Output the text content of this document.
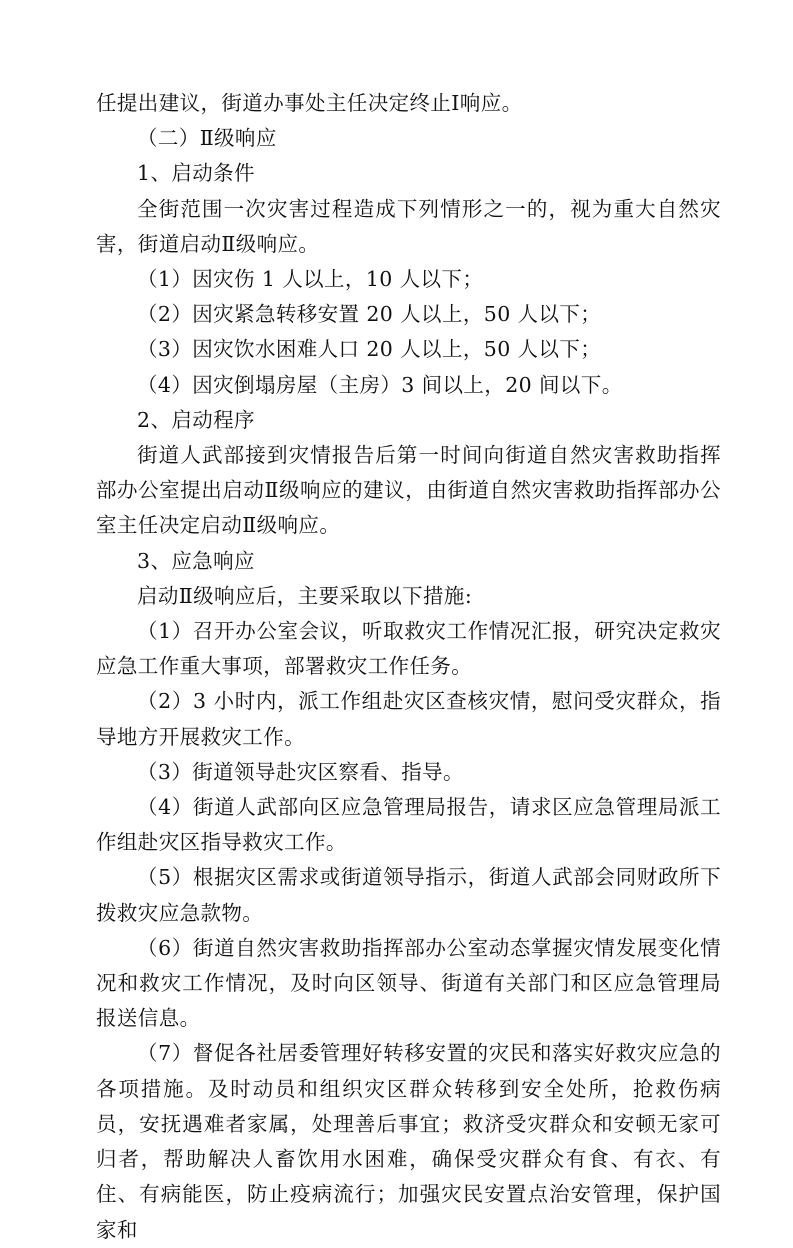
任提出建议，街道办事处主任决定终止Ⅰ响应。

（二）Ⅱ级响应

1、启动条件

全街范围一次灾害过程造成下列情形之一的，视为重大自然灾害，街道启动Ⅱ级响应。

（1）因灾伤 1 人以上，10 人以下；

（2）因灾紧急转移安置 20 人以上，50 人以下；

（3）因灾饮水困难人口 20 人以上，50 人以下；

（4）因灾倒塌房屋（主房）3 间以上，20 间以下。

2、启动程序

街道人武部接到灾情报告后第一时间向街道自然灾害救助指挥部办公室提出启动Ⅱ级响应的建议，由街道自然灾害救助指挥部办公室主任决定启动Ⅱ级响应。

3、应急响应

启动Ⅱ级响应后，主要采取以下措施:

（1）召开办公室会议，听取救灾工作情况汇报，研究决定救灾应急工作重大事项，部署救灾工作任务。

（2）3 小时内，派工作组赴灾区查核灾情，慰问受灾群众，指导地方开展救灾工作。

（3）街道领导赴灾区察看、指导。

（4）街道人武部向区应急管理局报告，请求区应急管理局派工作组赴灾区指导救灾工作。

（5）根据灾区需求或街道领导指示，街道人武部会同财政所下拨救灾应急款物。

（6）街道自然灾害救助指挥部办公室动态掌握灾情发展变化情况和救灾工作情况，及时向区领导、街道有关部门和区应急管理局报送信息。

（7）督促各社居委管理好转移安置的灾民和落实好救灾应急的各项措施。及时动员和组织灾区群众转移到安全处所，抢救伤病员，安抚遇难者家属，处理善后事宜；救济受灾群众和安顿无家可归者，帮助解决人畜饮用水困难，确保受灾群众有食、有衣、有住、有病能医，防止疫病流行；加强灾民安置点治安管理，保护国家和
